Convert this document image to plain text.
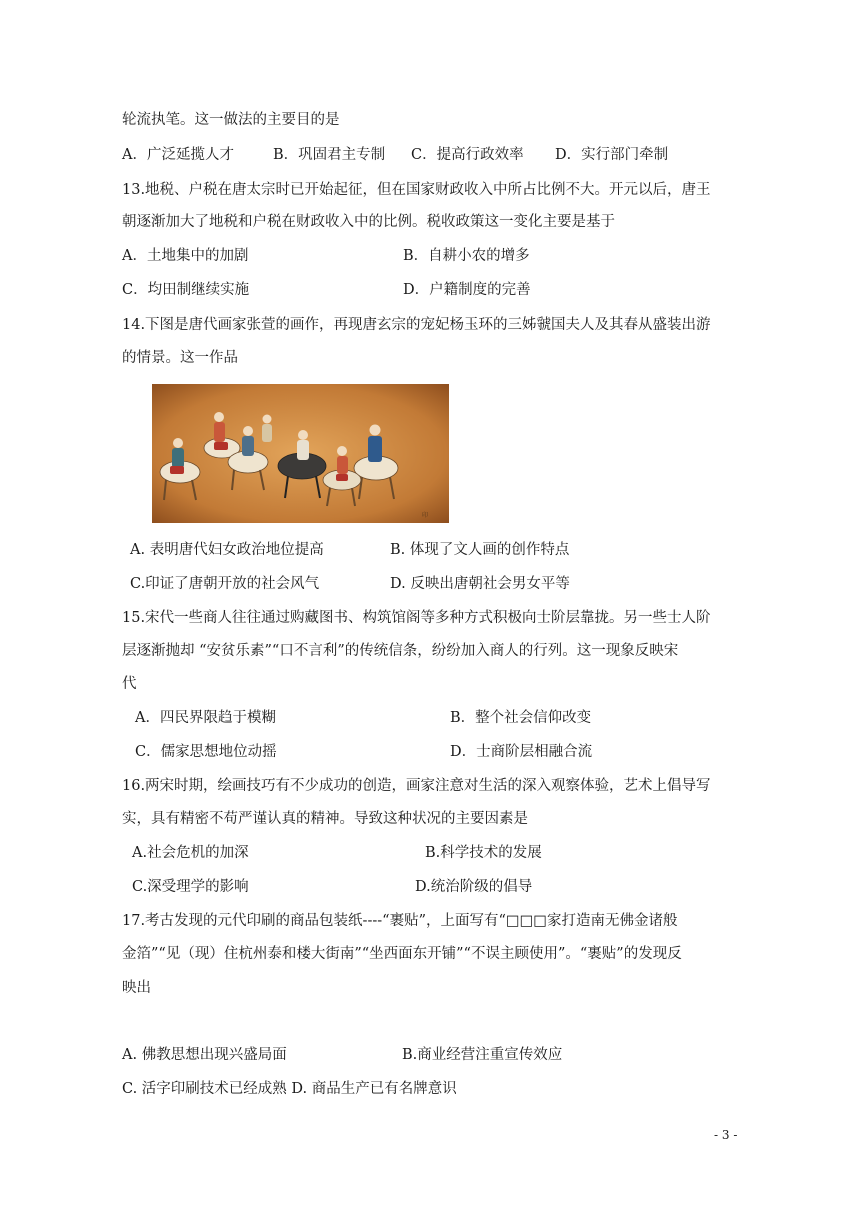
轮流执笔。这一做法的主要目的是
A．广泛延揽人才	B．巩固君主专制 C．提高行政效率 D．实行部门牵制
13.地税、户税在唐太宗时已开始起征，但在国家财政收入中所占比例不大。开元以后，唐王
朝逐渐加大了地税和户税在财政收入中的比例。税收政策这一变化主要是基于
A．土地集中的加剧	B．自耕小农的增多
C．均田制继续实施	D．户籍制度的完善
14.下图是唐代画家张萱的画作，再现唐玄宗的宠妃杨玉环的三姊虢国夫人及其春从盛装出游
的情景。这一作品
印
A. 表明唐代妇女政治地位提高	B. 体现了文人画的创作特点
C.印证了唐朝开放的社会风气	D. 反映出唐朝社会男女平等
15.宋代一些商人往往通过购藏图书、构筑馆阁等多种方式积极向士阶层靠拢。另一些士人阶
层逐渐抛却 “安贫乐素”“口不言利”的传统信条，纷纷加入商人的行列。这一现象反映宋
代
A．四民界限趋于模糊	B．整个社会信仰改变
C．儒家思想地位动摇	D．士商阶层相融合流
16.两宋时期，绘画技巧有不少成功的创造，画家注意对生活的深入观察体验，艺术上倡导写
实，具有精密不苟严谨认真的精神。导致这种状况的主要因素是
A.社会危机的加深	B.科学技术的发展
C.深受理学的影响	D.统治阶级的倡导
17.考古发现的元代印刷的商品包装纸----“裹贴”，上面写有“□□□家打造南无佛金诸般
金箔”“见（现）住杭州泰和楼大街南”“坐西面东开铺”“不误主顾使用”。“裹贴”的发现反
映出
A. 佛教思想出现兴盛局面	B.商业经营注重宣传效应
C. 活字印刷技术已经成熟 D. 商品生产已有名牌意识
- 3 -
